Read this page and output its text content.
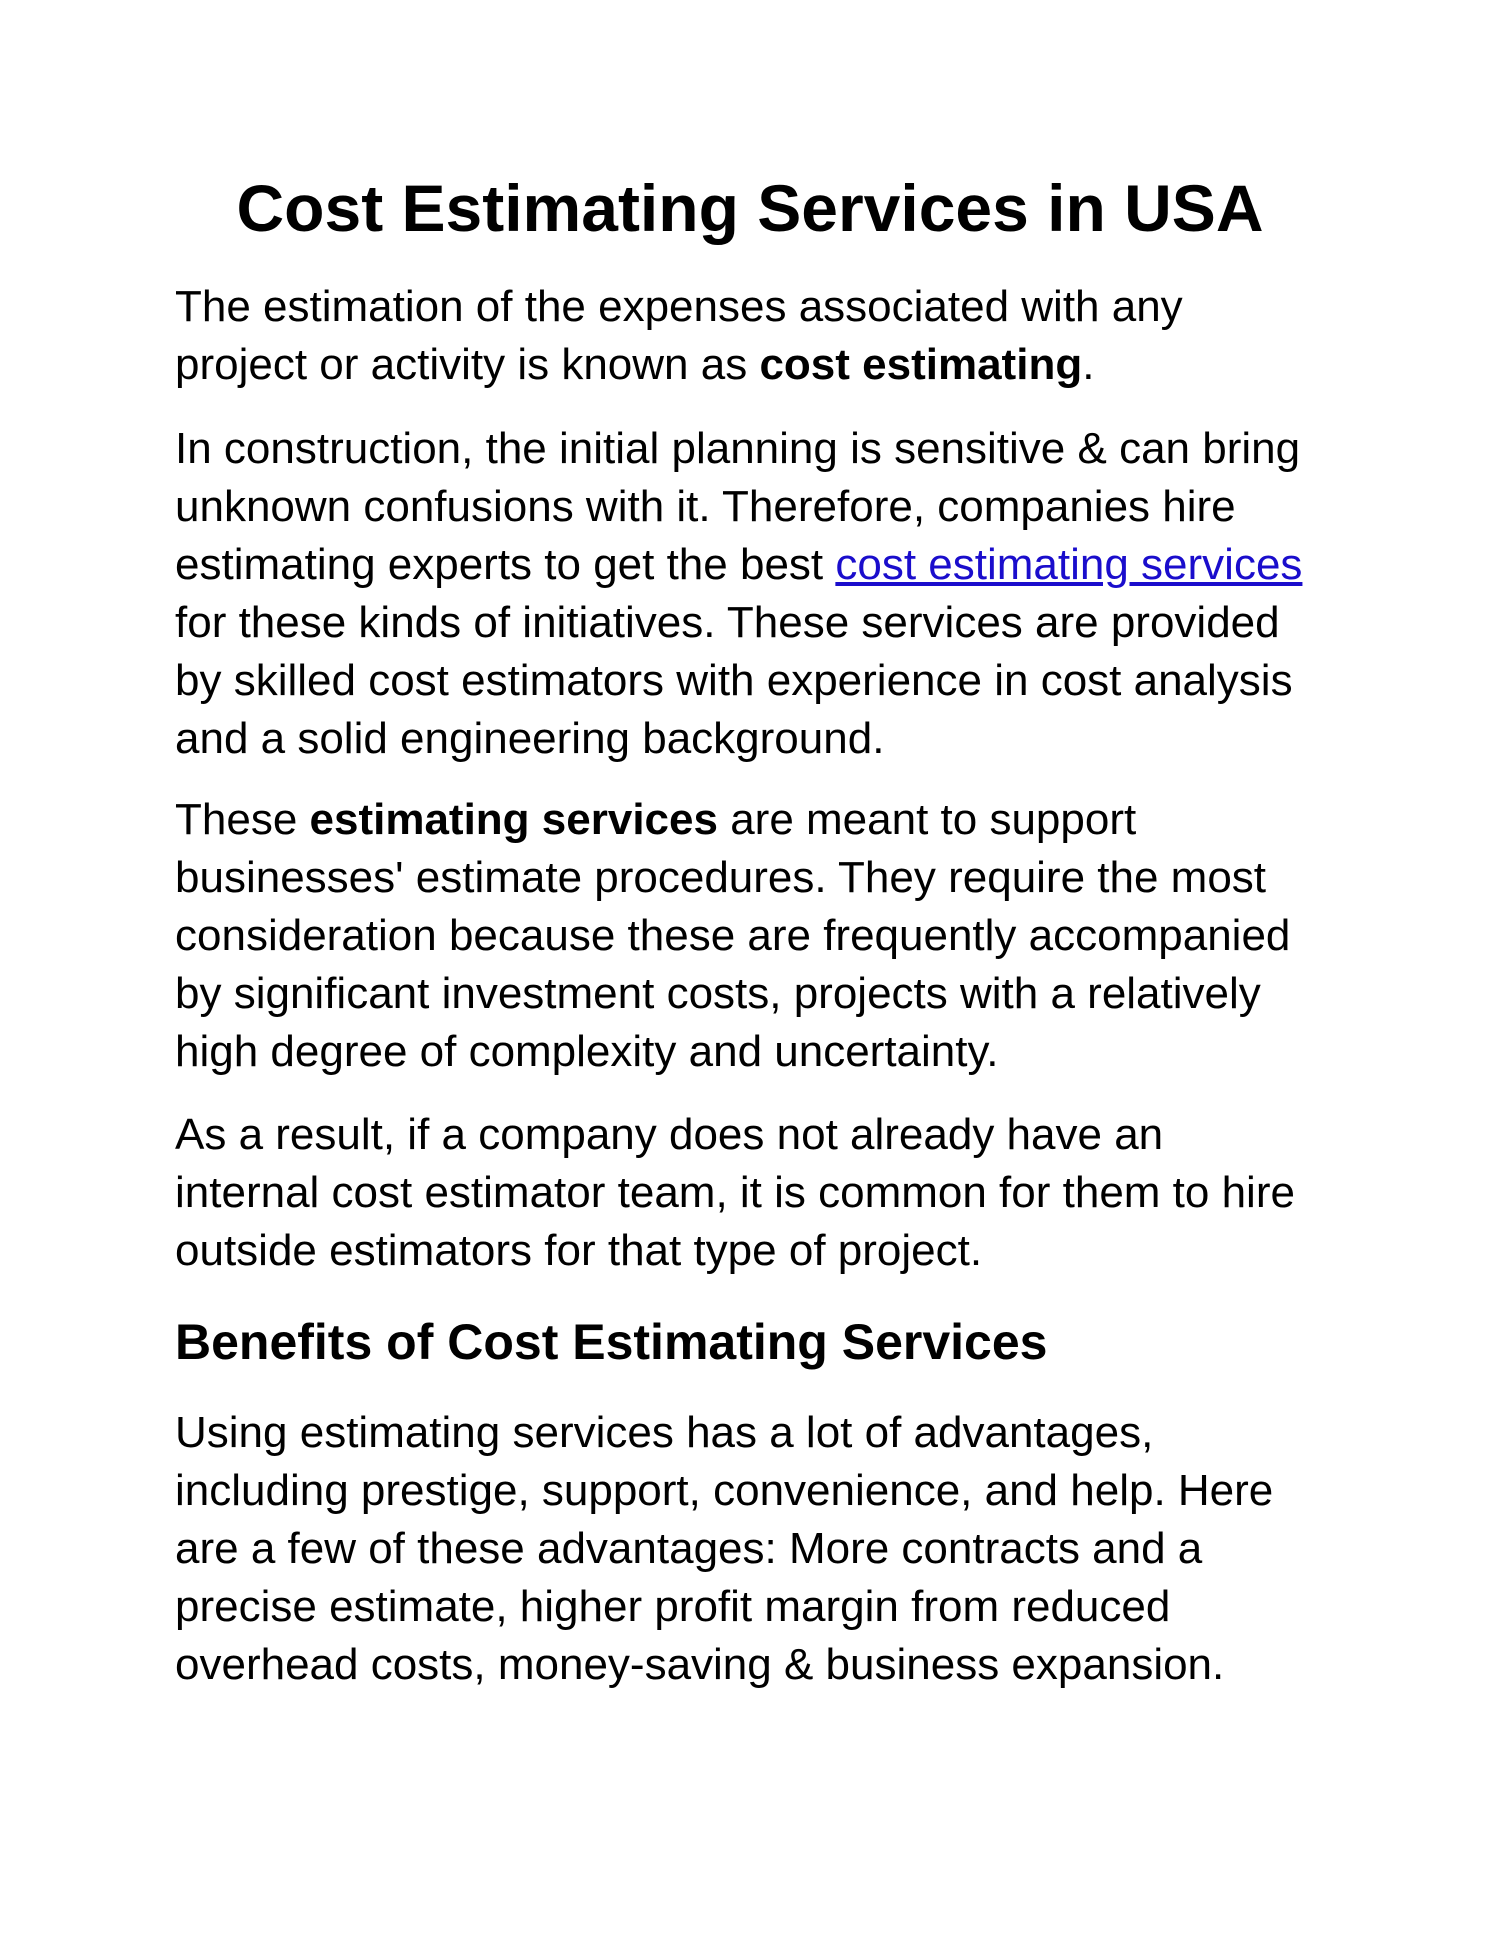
Cost Estimating Services in USA

The estimation of the expenses associated with any
project or activity is known as cost estimating.

In construction, the initial planning is sensitive & can bring
unknown confusions with it. Therefore, companies hire
estimating experts to get the best cost estimating services
for these kinds of initiatives. These services are provided
by skilled cost estimators with experience in cost analysis
and a solid engineering background.

These estimating services are meant to support
businesses' estimate procedures. They require the most
consideration because these are frequently accompanied
by significant investment costs, projects with a relatively
high degree of complexity and uncertainty.

As a result, if a company does not already have an
internal cost estimator team, it is common for them to hire
outside estimators for that type of project.

Benefits of Cost Estimating Services

Using estimating services has a lot of advantages,
including prestige, support, convenience, and help. Here
are a few of these advantages: More contracts and a
precise estimate, higher profit margin from reduced
overhead costs, money-saving & business expansion.
